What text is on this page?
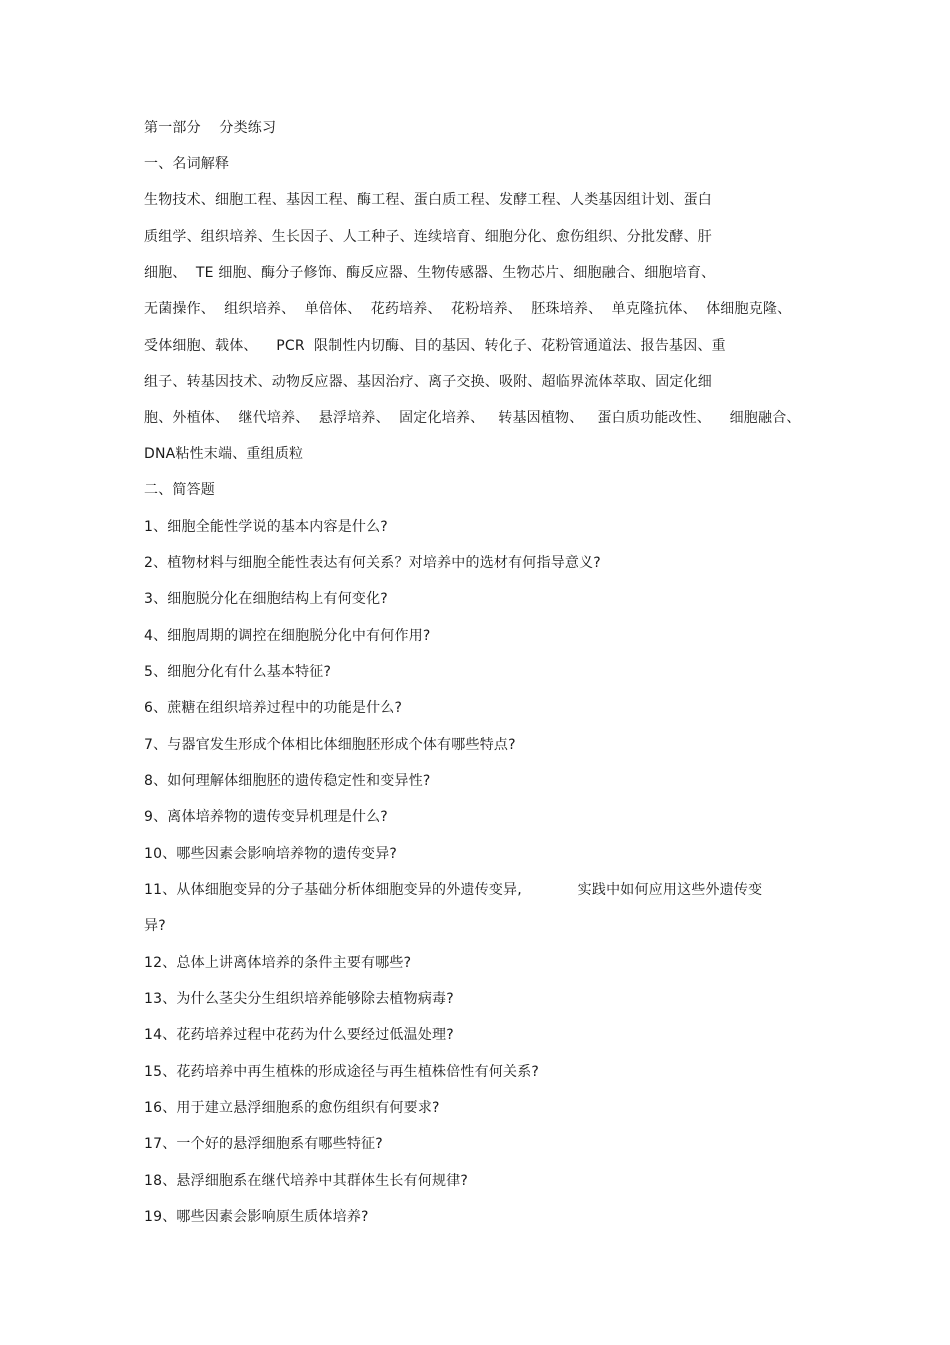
第一部分    分类练习
一、名词解释
生物技术、细胞工程、基因工程、酶工程、蛋白质工程、发酵工程、人类基因组计划、蛋白
质组学、组织培养、生长因子、人工种子、连续培育、细胞分化、愈伤组织、分批发酵、肝
细胞、  TE 细胞、酶分子修饰、酶反应器、生物传感器、生物芯片、细胞融合、细胞培育、
无菌操作、  组织培养、  单倍体、  花药培养、  花粉培养、  胚珠培养、  单克隆抗体、  体细胞克隆、
受体细胞、载体、    PCR  限制性内切酶、目的基因、转化子、花粉管通道法、报告基因、重
组子、转基因技术、动物反应器、基因治疗、离子交换、吸附、超临界流体萃取、固定化细
胞、外植体、  继代培养、  悬浮培养、  固定化培养、   转基因植物、   蛋白质功能改性、    细胞融合、
DNA粘性末端、重组质粒
二、简答题
1、细胞全能性学说的基本内容是什么?
2、植物材料与细胞全能性表达有何关系？对培养中的选材有何指导意义?
3、细胞脱分化在细胞结构上有何变化?
4、细胞周期的调控在细胞脱分化中有何作用?
5、细胞分化有什么基本特征?
6、蔗糖在组织培养过程中的功能是什么?
7、与器官发生形成个体相比体细胞胚形成个体有哪些特点?
8、如何理解体细胞胚的遗传稳定性和变异性?
9、离体培养物的遗传变异机理是什么?
10、哪些因素会影响培养物的遗传变异?
11、从体细胞变异的分子基础分析体细胞变异的外遗传变异,            实践中如何应用这些外遗传变
异?
12、总体上讲离体培养的条件主要有哪些?
13、为什么茎尖分生组织培养能够除去植物病毒?
14、花药培养过程中花药为什么要经过低温处理?
15、花药培养中再生植株的形成途径与再生植株倍性有何关系?
16、用于建立悬浮细胞系的愈伤组织有何要求?
17、一个好的悬浮细胞系有哪些特征?
18、悬浮细胞系在继代培养中其群体生长有何规律?
19、哪些因素会影响原生质体培养?
